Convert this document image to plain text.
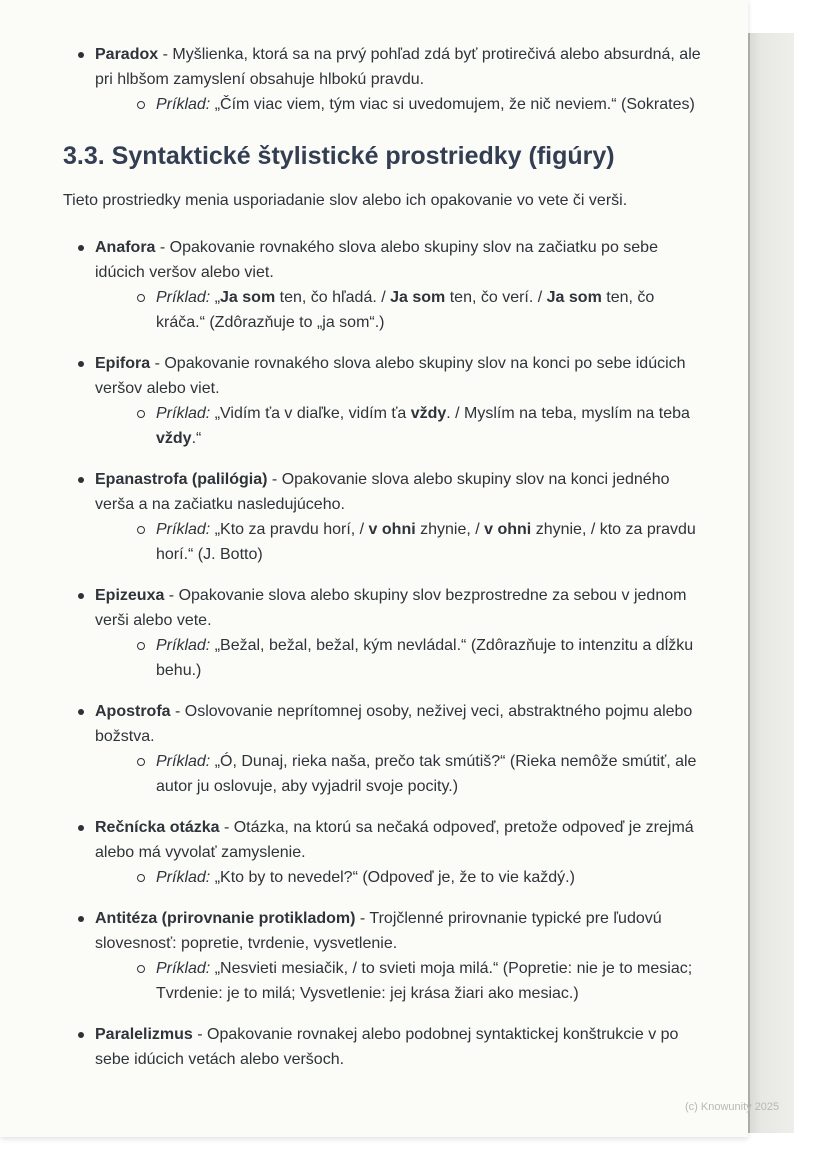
Paradox - Myšlienka, ktorá sa na prvý pohľad zdá byť protirečivá alebo absurdná, ale pri hlbšom zamyslení obsahuje hlbokú pravdu.
Príklad: „Čím viac viem, tým viac si uvedomujem, že nič neviem.“ (Sokrates)
3.3. Syntaktické štylistické prostriedky (figúry)

Tieto prostriedky menia usporiadanie slov alebo ich opakovanie vo vete či verši.

Anafora - Opakovanie rovnakého slova alebo skupiny slov na začiatku po sebe idúcich veršov alebo viet.
Príklad: „Ja som ten, čo hľadá. / Ja som ten, čo verí. / Ja som ten, čo kráča.“ (Zdôrazňuje to „ja som“.)
Epifora - Opakovanie rovnakého slova alebo skupiny slov na konci po sebe idúcich veršov alebo viet.
Príklad: „Vidím ťa v diaľke, vidím ťa vždy. / Myslím na teba, myslím na teba vždy.“
Epanastrofa (palilógia) - Opakovanie slova alebo skupiny slov na konci jedného verša a na začiatku nasledujúceho.
Príklad: „Kto za pravdu horí, / v ohni zhynie, / v ohni zhynie, / kto za pravdu horí.“ (J. Botto)
Epizeuxa - Opakovanie slova alebo skupiny slov bezprostredne za sebou v jednom verši alebo vete.
Príklad: „Bežal, bežal, bežal, kým nevládal.“ (Zdôrazňuje to intenzitu a dĺžku behu.)
Apostrofa - Oslovovanie neprítomnej osoby, neživej veci, abstraktného pojmu alebo božstva.
Príklad: „Ó, Dunaj, rieka naša, prečo tak smútiš?“ (Rieka nemôže smútiť, ale autor ju oslovuje, aby vyjadril svoje pocity.)
Rečnícka otázka - Otázka, na ktorú sa nečaká odpoveď, pretože odpoveď je zrejmá alebo má vyvolať zamyslenie.
Príklad: „Kto by to nevedel?“ (Odpoveď je, že to vie každý.)
Antitéza (prirovnanie protikladom) - Trojčlenné prirovnanie typické pre ľudovú slovesnosť: popretie, tvrdenie, vysvetlenie.
Príklad: „Nesvieti mesiačik, / to svieti moja milá.“ (Popretie: nie je to mesiac; Tvrdenie: je to milá; Vysvetlenie: jej krása žiari ako mesiac.)
Paralelizmus - Opakovanie rovnakej alebo podobnej syntaktickej konštrukcie v po sebe idúcich vetách alebo veršoch.
(c) Knowunity 2025
